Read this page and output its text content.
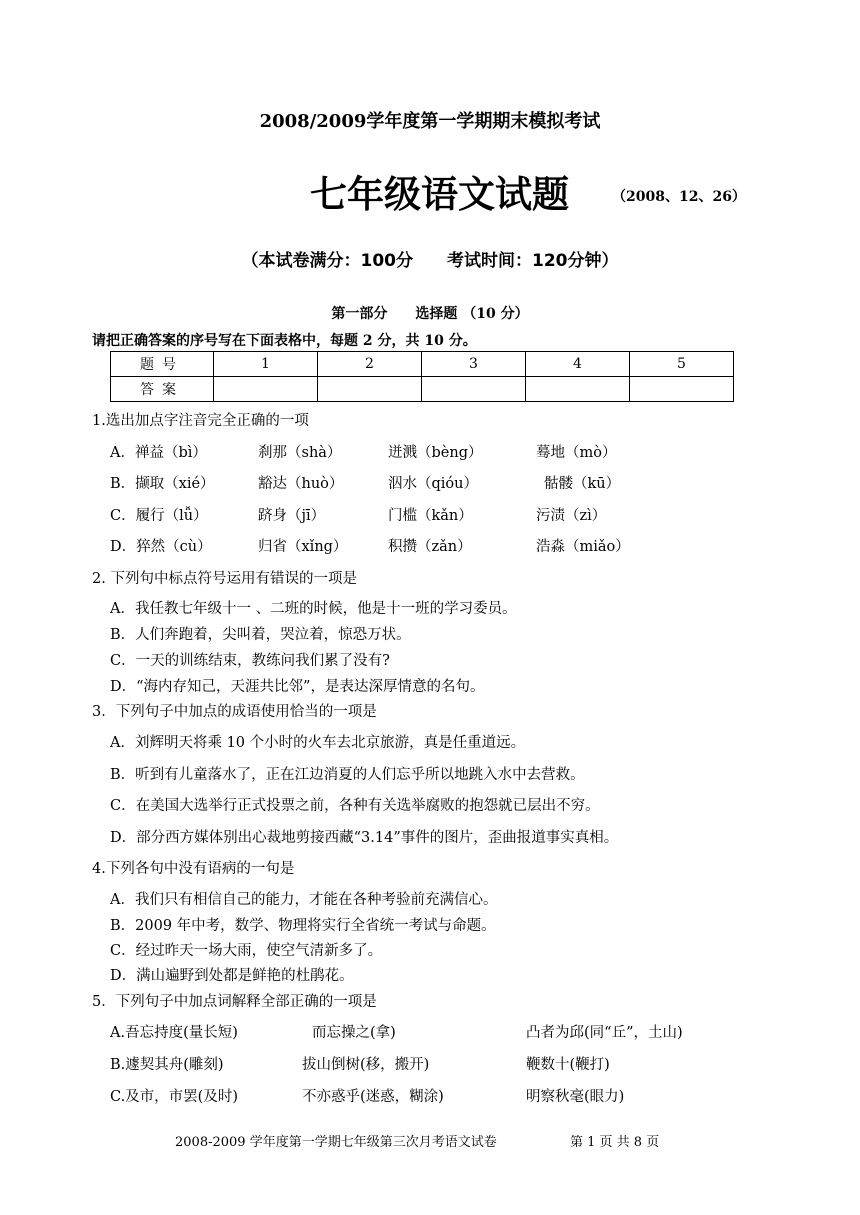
2008/2009学年度第一学期期末模拟考试
七年级语文试题	（2008、12、26）
（本试卷满分：100分　　考试时间：120分钟）
第一部分　　选择题 （10 分）
请把正确答案的序号写在下面表格中，每题 2 分，共 10 分。
题号	1	2	3	4	5
答案					
1.选出加点字注音完全正确的一项
A．禅益（bì）	刹那（shà）	迸溅（bèng）	蓦地（mò）
B．撷取（xié）	豁达（huò）	泅水（qióu）	骷髅（kū）
C．履行（lǚ）	跻身（jī）	门槛（kǎn）	污渍（zì）
D．猝然（cù）	归省（xǐng）	积攒（zǎn）	浩淼（miǎo）
2. 下列句中标点符号运用有错误的一项是
A．我任教七年级十一 、二班的时候，他是十一班的学习委员。
B．人们奔跑着，尖叫着，哭泣着，惊恐万状。
C．一天的训练结束，教练问我们累了没有?
D．“海内存知己，天涯共比邻”，是表达深厚情意的名句。
3．下列句子中加点的成语使用恰当的一项是
A．刘辉明天将乘 10 个小时的火车去北京旅游，真是任重道远。
B．听到有儿童落水了，正在江边消夏的人们忘乎所以地跳入水中去营救。
C．在美国大选举行正式投票之前，各种有关选举腐败的抱怨就已层出不穷。
D．部分西方媒体别出心裁地剪接西藏“3.14”事件的图片，歪曲报道事实真相。
4.下列各句中没有语病的一句是
A．我们只有相信自己的能力，才能在各种考验前充满信心。
B．2009 年中考，数学、物理将实行全省统一考试与命题。
C．经过昨天一场大雨，使空气清新多了。
D．满山遍野到处都是鲜艳的杜鹃花。
5．下列句子中加点词解释全部正确的一项是
A.吾忘持度(量长短)	而忘操之(拿)	凸者为邱(同“丘”，土山)
B.遽契其舟(雕刻)	拔山倒树(移，搬开)	鞭数十(鞭打)
C.及市，市罢(及时)	不亦惑乎(迷惑，糊涂)	明察秋毫(眼力)
2008-2009 学年度第一学期七年级第三次月考语文试卷	第 1 页 共 8 页
